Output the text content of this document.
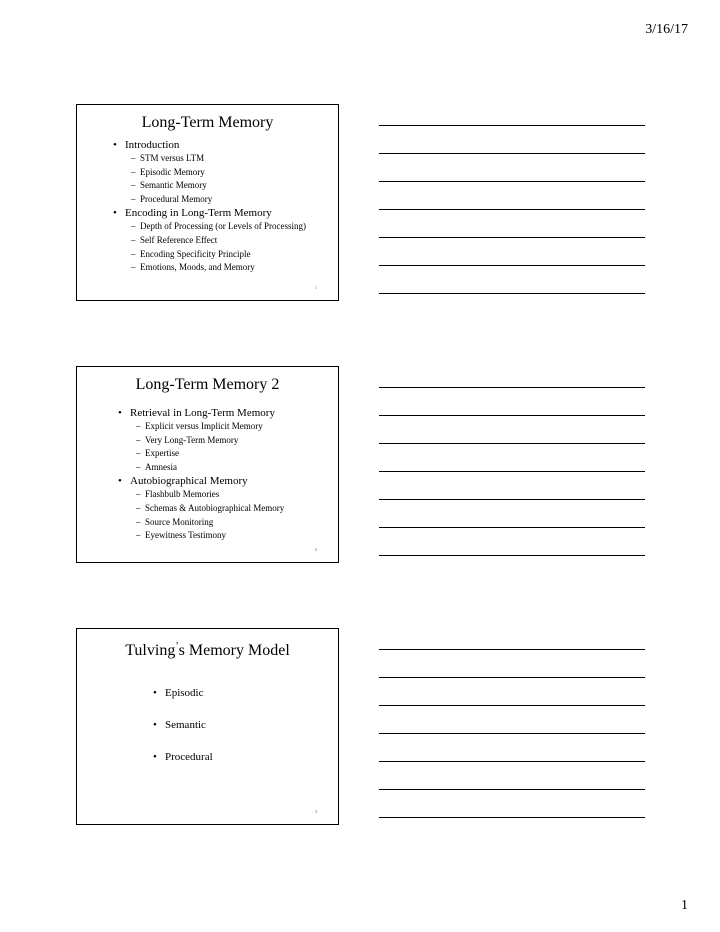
3/16/17
Long-Term Memory
• Introduction
– STM versus LTM
– Episodic Memory
– Semantic Memory
– Procedural Memory
• Encoding in Long-Term Memory
– Depth of Processing (or Levels of Processing)
– Self Reference Effect
– Encoding Specificity Principle
– Emotions, Moods, and Memory
1
Long-Term Memory 2
• Retrieval in Long-Term Memory
– Explicit versus Implicit Memory
– Very Long-Term Memory
– Expertise
– Amnesia
• Autobiographical Memory
– Flashbulb Memories
– Schemas & Autobiographical Memory
– Source Monitoring
– Eyewitness Testimony
2
Tulving’s Memory Model
• Episodic
• Semantic
• Procedural
3
1
